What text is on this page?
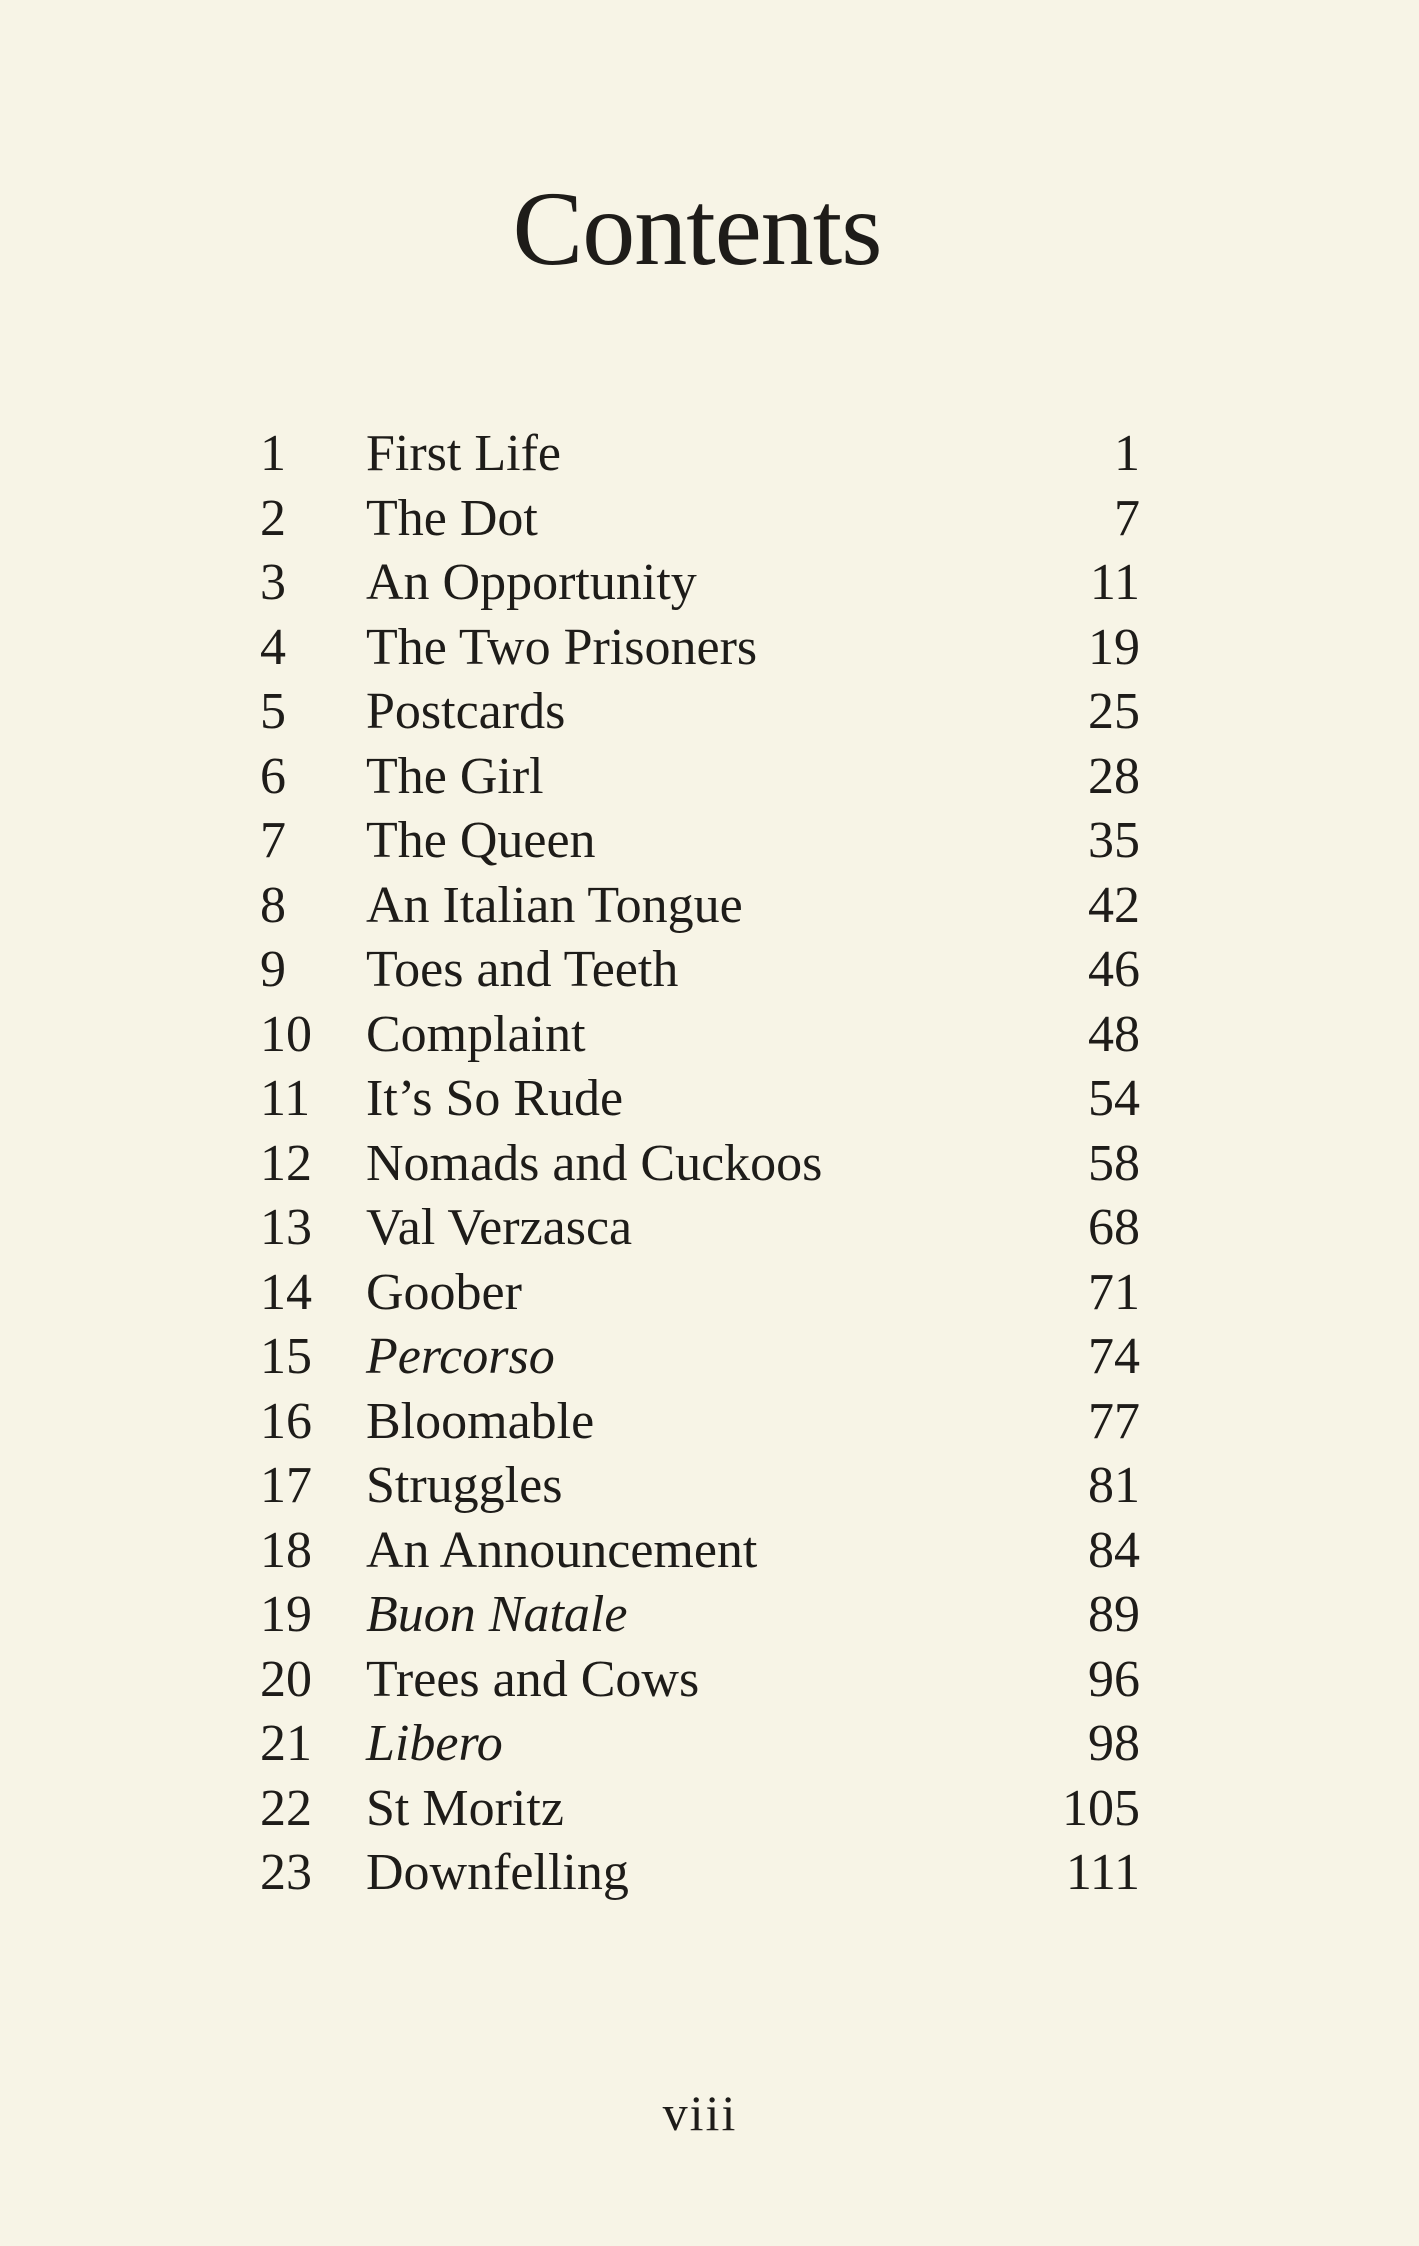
Contents
1 First Life	1
2 The Dot	7
3 An Opportunity	11
4 The Two Prisoners	19
5 Postcards	25
6 The Girl	28
7 The Queen	35
8 An Italian Tongue	42
9 Toes and Teeth	46
10 Complaint	48
11 It’s So Rude	54
12 Nomads and Cuckoos	58
13 Val Verzasca	68
14 Goober	71
15 Percorso	74
16 Bloomable	77
17 Struggles	81
18 An Announcement	84
19 Buon Natale	89
20 Trees and Cows	96
21 Libero	98
22 St Moritz	105
23 Downfelling	111
viii
